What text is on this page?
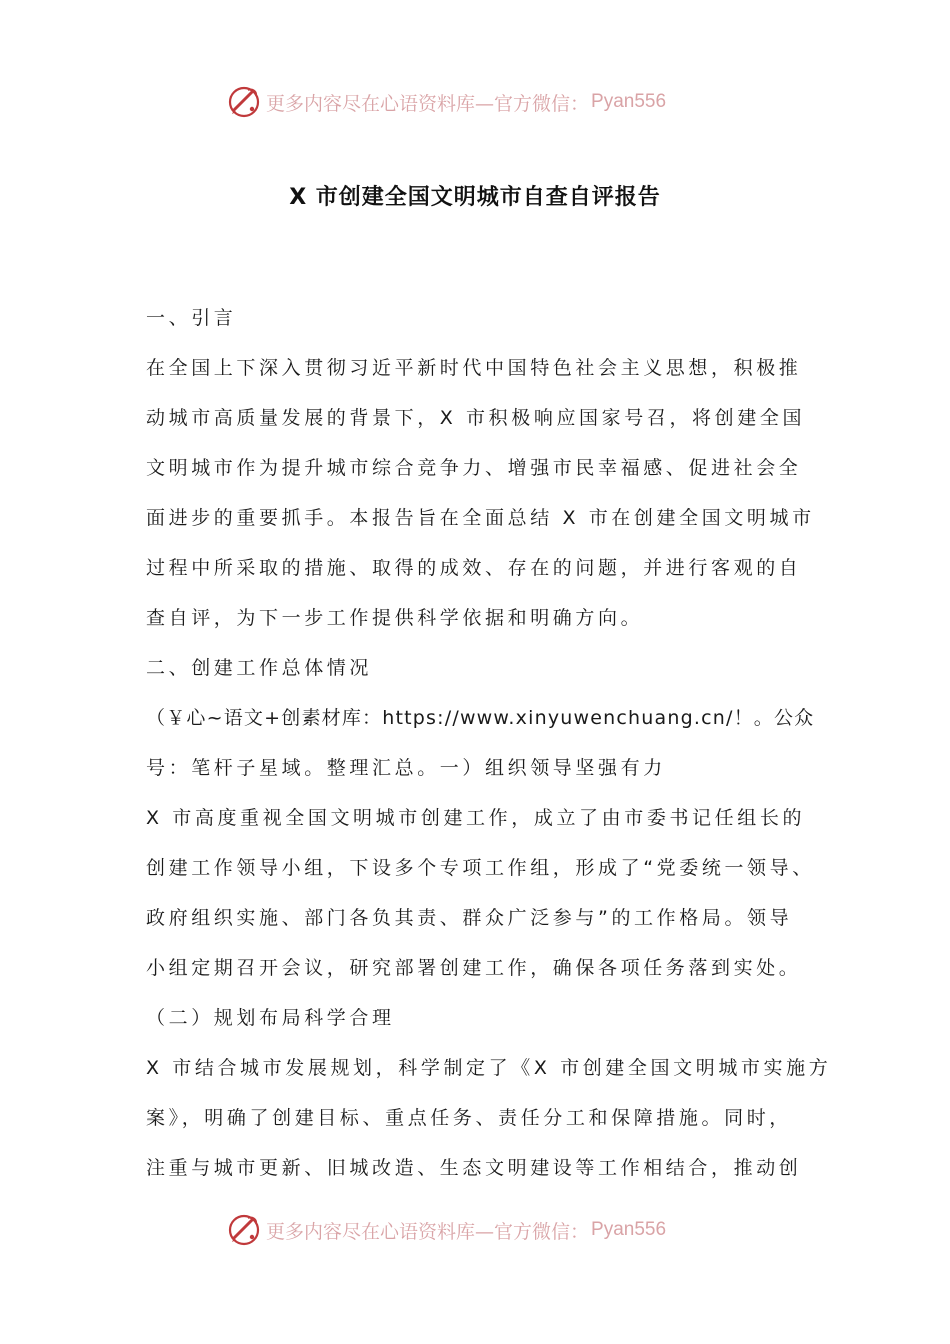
更多内容尽在心语资料库—官方微信： Pyan556
X 市创建全国文明城市自查自评报告
一、引言
在全国上下深入贯彻习近平新时代中国特色社会主义思想，积极推
动城市高质量发展的背景下，X 市积极响应国家号召，将创建全国
文明城市作为提升城市综合竞争力、增强市民幸福感、促进社会全
面进步的重要抓手。本报告旨在全面总结 X 市在创建全国文明城市
过程中所采取的措施、取得的成效、存在的问题，并进行客观的自
查自评，为下一步工作提供科学依据和明确方向。
二、创建工作总体情况
（￥心~语文+创素材库：https://www.xinyuwenchuang.cn/！。公众
号：笔杆子星域。整理汇总。一）组织领导坚强有力
X 市高度重视全国文明城市创建工作，成立了由市委书记任组长的
创建工作领导小组，下设多个专项工作组，形成了“党委统一领导、
政府组织实施、部门各负其责、群众广泛参与”的工作格局。领导
小组定期召开会议，研究部署创建工作，确保各项任务落到实处。
（二）规划布局科学合理
X 市结合城市发展规划，科学制定了《X 市创建全国文明城市实施方
案》，明确了创建目标、重点任务、责任分工和保障措施。同时，
注重与城市更新、旧城改造、生态文明建设等工作相结合，推动创
更多内容尽在心语资料库—官方微信： Pyan556
